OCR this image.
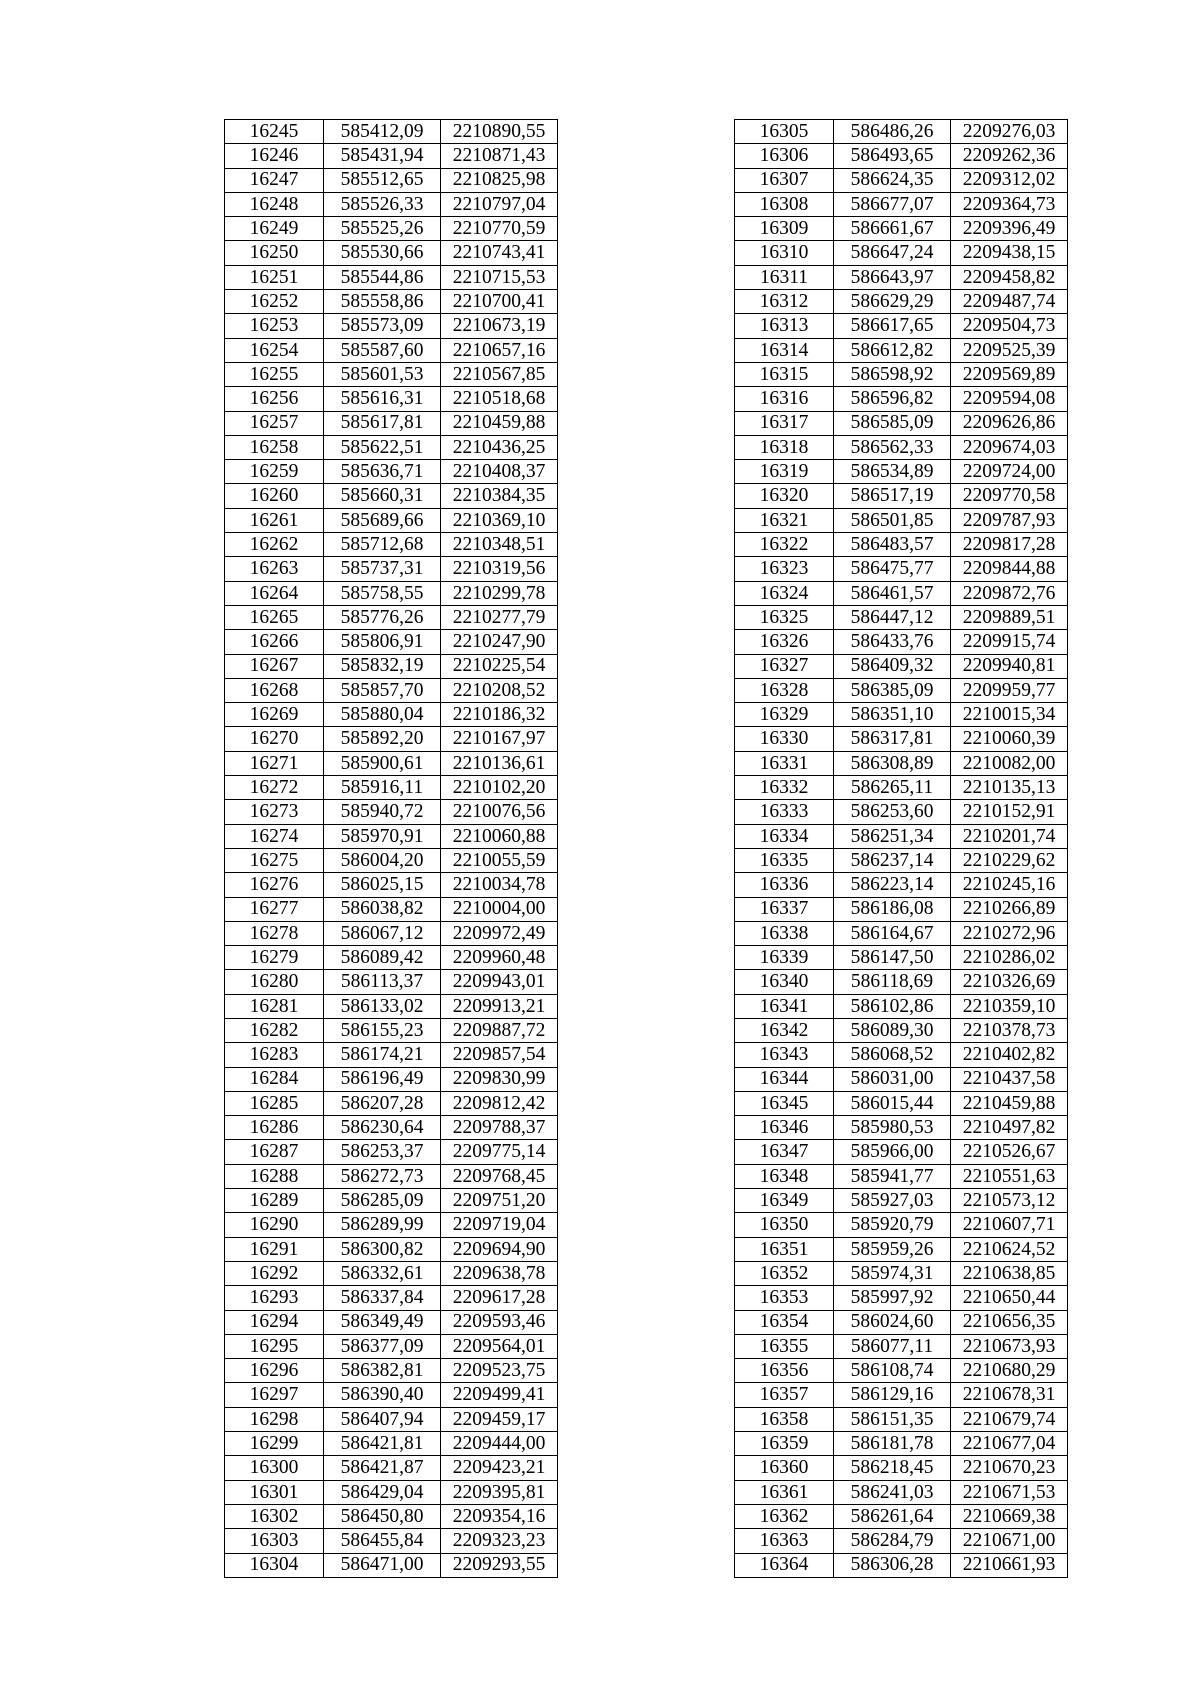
16245	585412,09	2210890,55
16246	585431,94	2210871,43
16247	585512,65	2210825,98
16248	585526,33	2210797,04
16249	585525,26	2210770,59
16250	585530,66	2210743,41
16251	585544,86	2210715,53
16252	585558,86	2210700,41
16253	585573,09	2210673,19
16254	585587,60	2210657,16
16255	585601,53	2210567,85
16256	585616,31	2210518,68
16257	585617,81	2210459,88
16258	585622,51	2210436,25
16259	585636,71	2210408,37
16260	585660,31	2210384,35
16261	585689,66	2210369,10
16262	585712,68	2210348,51
16263	585737,31	2210319,56
16264	585758,55	2210299,78
16265	585776,26	2210277,79
16266	585806,91	2210247,90
16267	585832,19	2210225,54
16268	585857,70	2210208,52
16269	585880,04	2210186,32
16270	585892,20	2210167,97
16271	585900,61	2210136,61
16272	585916,11	2210102,20
16273	585940,72	2210076,56
16274	585970,91	2210060,88
16275	586004,20	2210055,59
16276	586025,15	2210034,78
16277	586038,82	2210004,00
16278	586067,12	2209972,49
16279	586089,42	2209960,48
16280	586113,37	2209943,01
16281	586133,02	2209913,21
16282	586155,23	2209887,72
16283	586174,21	2209857,54
16284	586196,49	2209830,99
16285	586207,28	2209812,42
16286	586230,64	2209788,37
16287	586253,37	2209775,14
16288	586272,73	2209768,45
16289	586285,09	2209751,20
16290	586289,99	2209719,04
16291	586300,82	2209694,90
16292	586332,61	2209638,78
16293	586337,84	2209617,28
16294	586349,49	2209593,46
16295	586377,09	2209564,01
16296	586382,81	2209523,75
16297	586390,40	2209499,41
16298	586407,94	2209459,17
16299	586421,81	2209444,00
16300	586421,87	2209423,21
16301	586429,04	2209395,81
16302	586450,80	2209354,16
16303	586455,84	2209323,23
16304	586471,00	2209293,55
16305	586486,26	2209276,03
16306	586493,65	2209262,36
16307	586624,35	2209312,02
16308	586677,07	2209364,73
16309	586661,67	2209396,49
16310	586647,24	2209438,15
16311	586643,97	2209458,82
16312	586629,29	2209487,74
16313	586617,65	2209504,73
16314	586612,82	2209525,39
16315	586598,92	2209569,89
16316	586596,82	2209594,08
16317	586585,09	2209626,86
16318	586562,33	2209674,03
16319	586534,89	2209724,00
16320	586517,19	2209770,58
16321	586501,85	2209787,93
16322	586483,57	2209817,28
16323	586475,77	2209844,88
16324	586461,57	2209872,76
16325	586447,12	2209889,51
16326	586433,76	2209915,74
16327	586409,32	2209940,81
16328	586385,09	2209959,77
16329	586351,10	2210015,34
16330	586317,81	2210060,39
16331	586308,89	2210082,00
16332	586265,11	2210135,13
16333	586253,60	2210152,91
16334	586251,34	2210201,74
16335	586237,14	2210229,62
16336	586223,14	2210245,16
16337	586186,08	2210266,89
16338	586164,67	2210272,96
16339	586147,50	2210286,02
16340	586118,69	2210326,69
16341	586102,86	2210359,10
16342	586089,30	2210378,73
16343	586068,52	2210402,82
16344	586031,00	2210437,58
16345	586015,44	2210459,88
16346	585980,53	2210497,82
16347	585966,00	2210526,67
16348	585941,77	2210551,63
16349	585927,03	2210573,12
16350	585920,79	2210607,71
16351	585959,26	2210624,52
16352	585974,31	2210638,85
16353	585997,92	2210650,44
16354	586024,60	2210656,35
16355	586077,11	2210673,93
16356	586108,74	2210680,29
16357	586129,16	2210678,31
16358	586151,35	2210679,74
16359	586181,78	2210677,04
16360	586218,45	2210670,23
16361	586241,03	2210671,53
16362	586261,64	2210669,38
16363	586284,79	2210671,00
16364	586306,28	2210661,93
